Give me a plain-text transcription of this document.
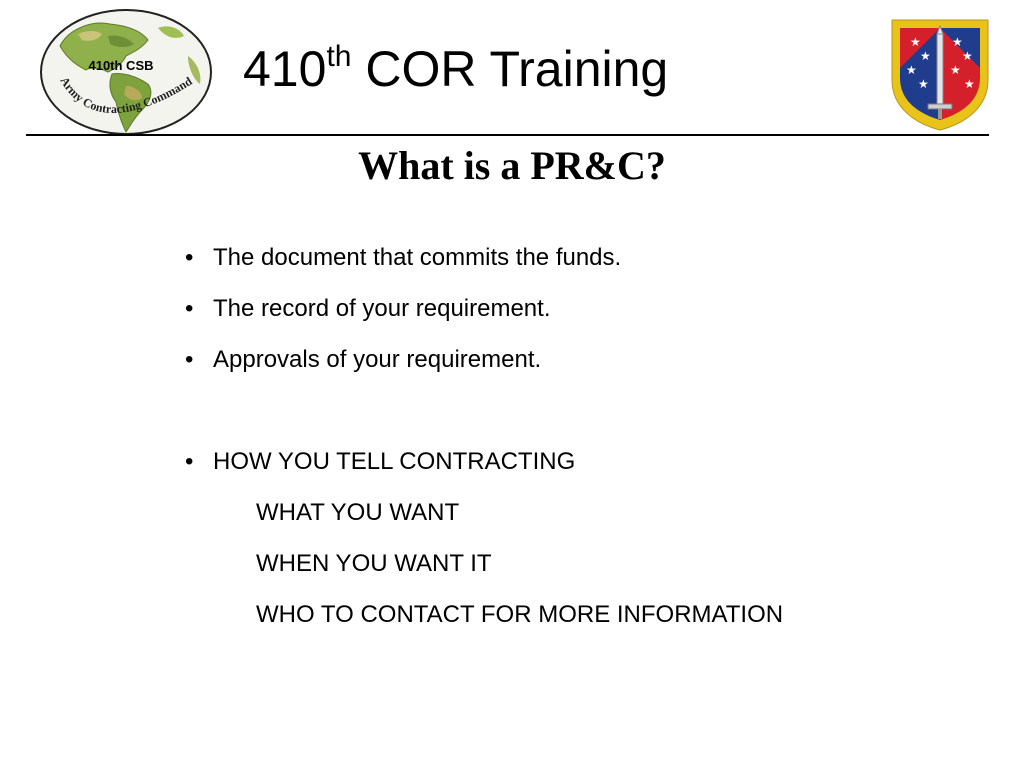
410th CSB
Army Contracting Command 410th COR Training	★
★
★
★
★
★
★
★
What is a PR&C?
• The document that commits the funds.
• The record of your requirement.
• Approvals of your requirement.
• HOW YOU TELL CONTRACTING
WHAT YOU WANT
WHEN YOU WANT IT
WHO TO CONTACT FOR MORE INFORMATION
